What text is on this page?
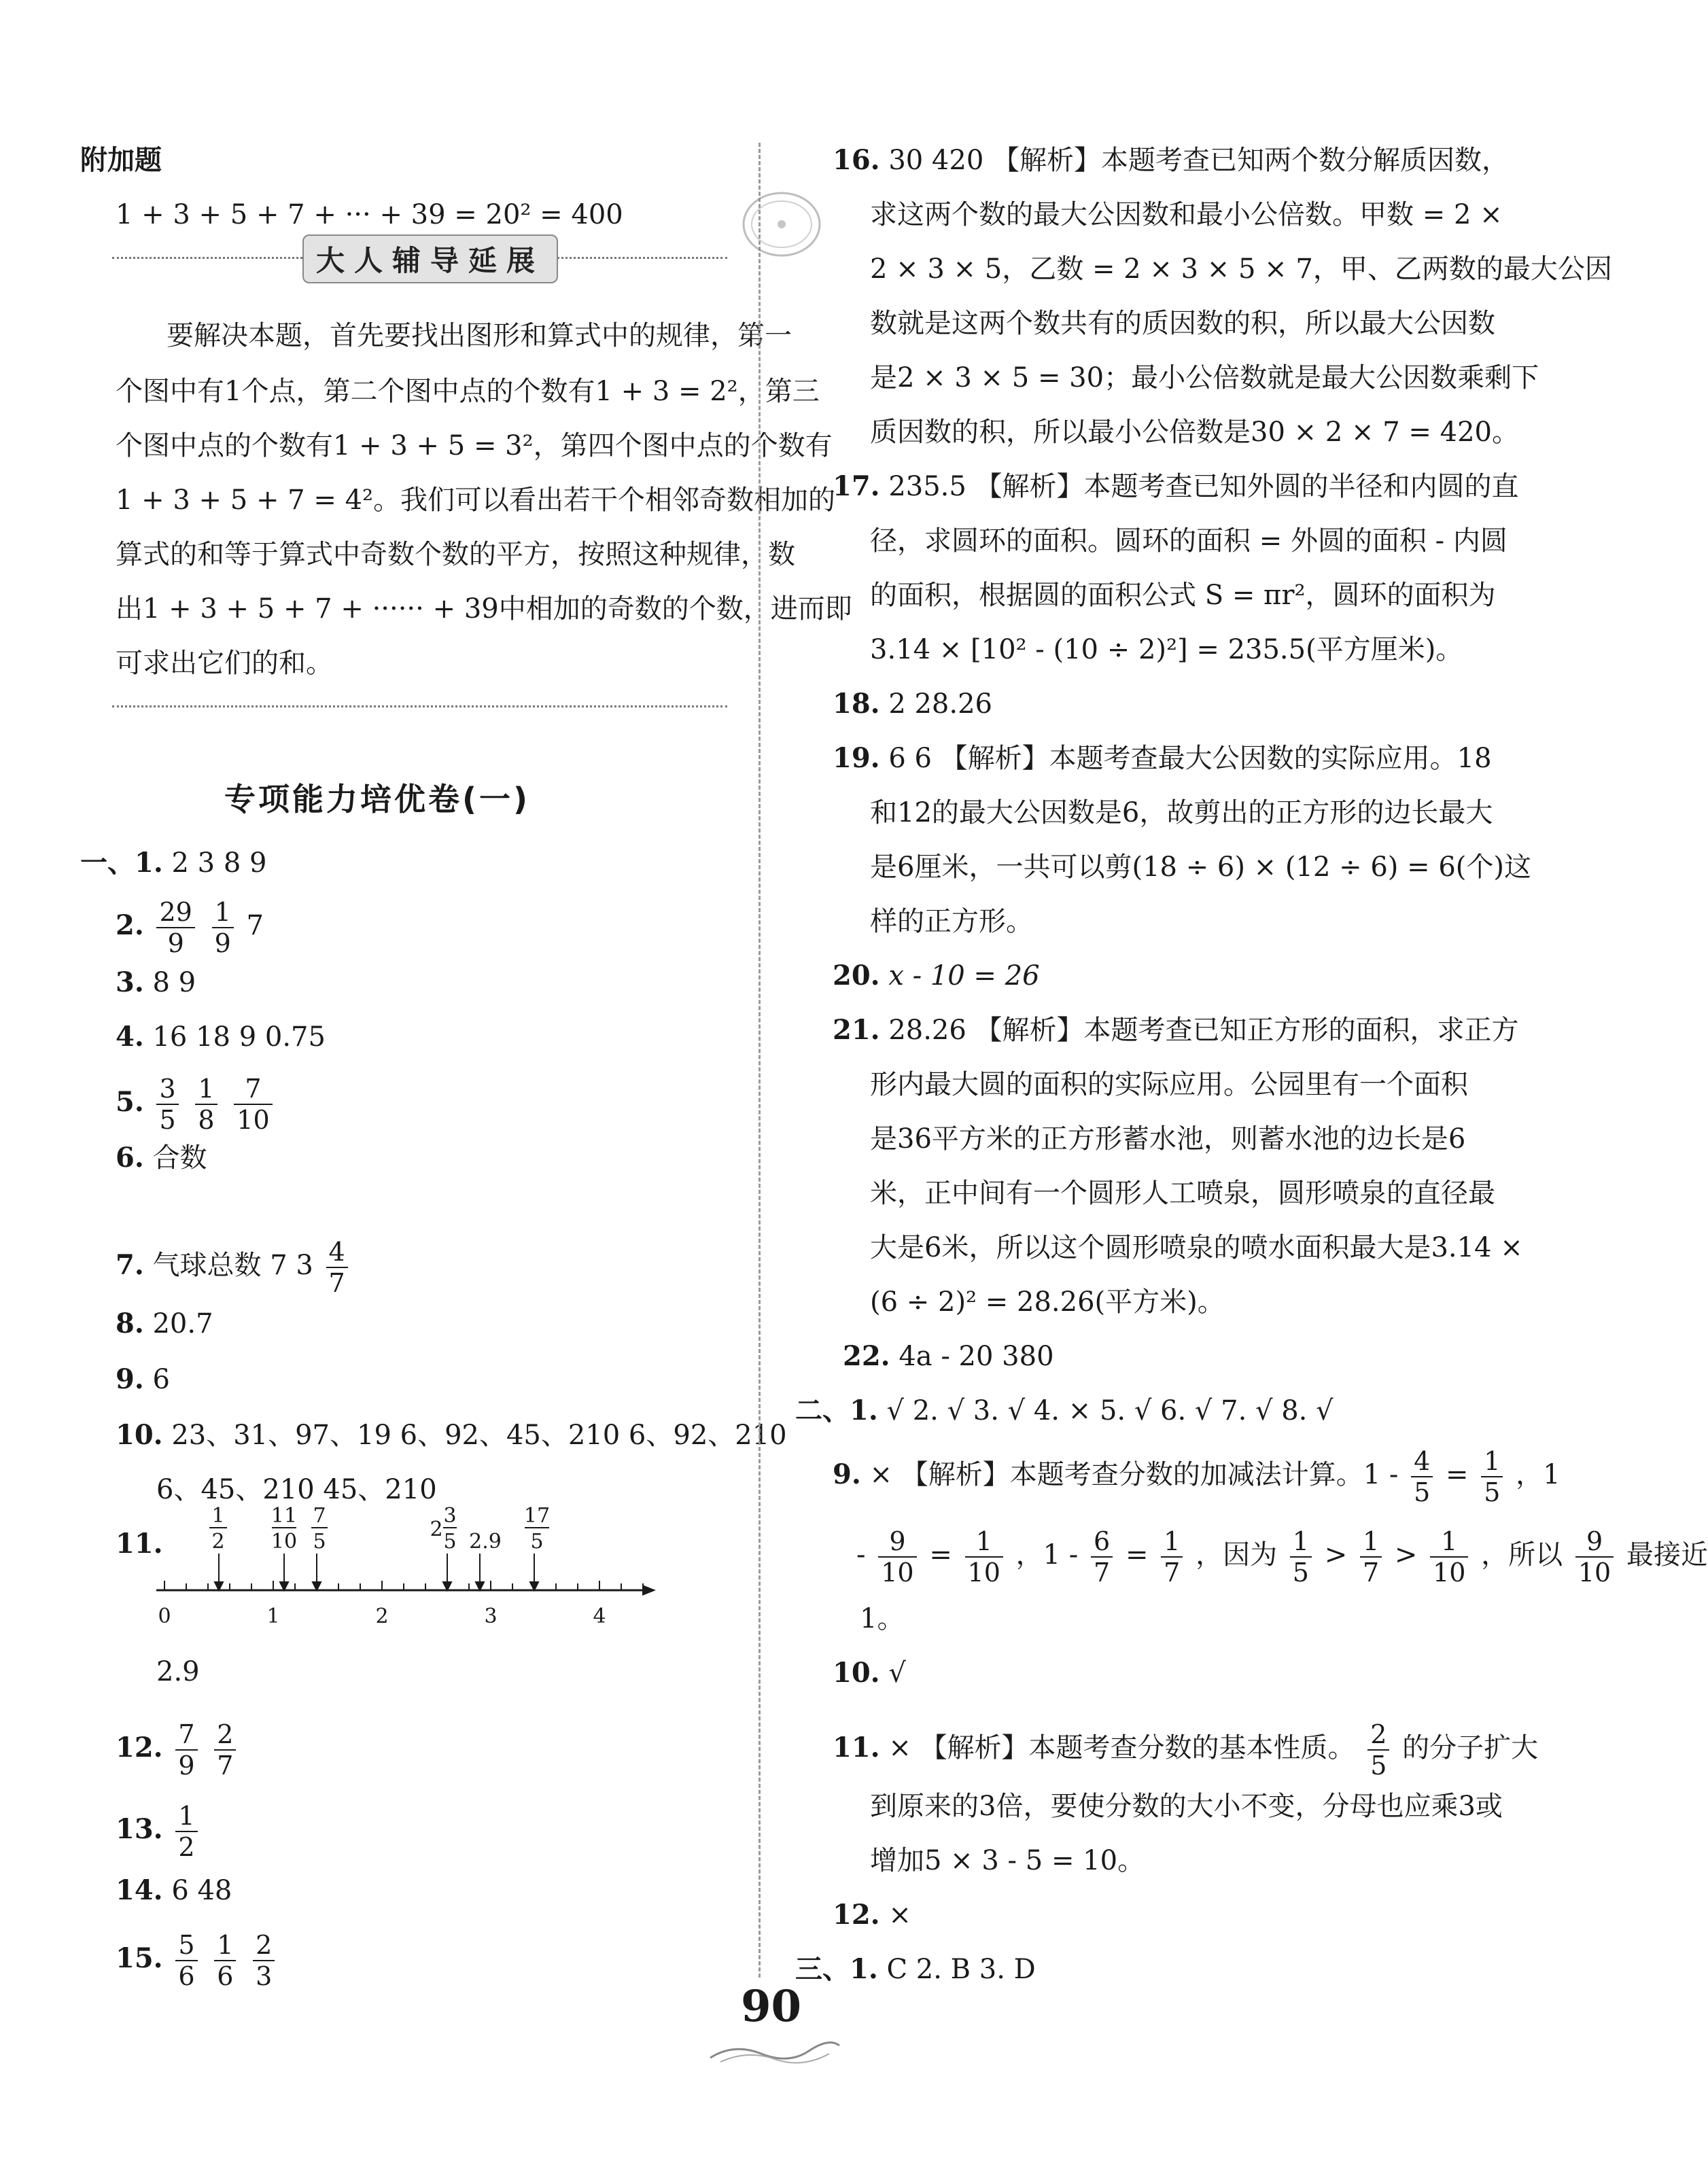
附加题
1 + 3 + 5 + 7 + ··· + 39 = 20² = 400
大人辅导延展
要解决本题，首先要找出图形和算式中的规律，第一
个图中有1个点，第二个图中点的个数有1 + 3 = 2²，第三
个图中点的个数有1 + 3 + 5 = 3²，第四个图中点的个数有
1 + 3 + 5 + 7 = 4²。我们可以看出若干个相邻奇数相加的
算式的和等于算式中奇数个数的平方，按照这种规律，数
出1 + 3 + 5 + 7 + ······ + 39中相加的奇数的个数，进而即
可求出它们的和。
专项能力培优卷(一)
一、1. 2 3 8 9
2. $\frac{29}{9}$
$\frac{1}{9} 7$
3. 8 9
4. 16 18 9 0.75
5. $\frac{3}{5}$
$\frac{1}{8}$
$\frac{7}{10}$
6. 合数
7. 气球总数 7 $3 \frac{4}{7}$
8. 20.7
9. 6
10. 23、31、97、19 6、92、45、210 6、92、210
6、45、210 45、210
11.
1
2
11
10
7
5
2
3
5 2.9
17
5
0	1	2	3	4
2.9
12. $\frac{7}{9}$
$\frac{2}{7}$
13. $\frac{1}{2}$
14. 6 48
15. $\frac{5}{6}$
$\frac{1}{6}$
$\frac{2}{3}$
16. 30 420 【解析】本题考查已知两个数分解质因数，
求这两个数的最大公因数和最小公倍数。甲数 = 2 ×
2 × 3 × 5，乙数 = 2 × 3 × 5 × 7，甲、乙两数的最大公因
数就是这两个数共有的质因数的积，所以最大公因数
是2 × 3 × 5 = 30；最小公倍数就是最大公因数乘剩下
质因数的积，所以最小公倍数是30 × 2 × 7 = 420。
17. 235.5 【解析】本题考查已知外圆的半径和内圆的直
径，求圆环的面积。圆环的面积 = 外圆的面积 - 内圆
的面积，根据圆的面积公式 S = πr²，圆环的面积为
3.14 × [10² - (10 ÷ 2)²] = 235.5(平方厘米)。
18. 2 28.26
19. 6 6 【解析】本题考查最大公因数的实际应用。18
和12的最大公因数是6，故剪出的正方形的边长最大
是6厘米，一共可以剪(18 ÷ 6) × (12 ÷ 6) = 6(个)这
样的正方形。
20. x - 10 = 26
21. 28.26 【解析】本题考查已知正方形的面积，求正方
形内最大圆的面积的实际应用。公园里有一个面积
是36平方米的正方形蓄水池，则蓄水池的边长是6
米，正中间有一个圆形人工喷泉，圆形喷泉的直径最
大是6米，所以这个圆形喷泉的喷水面积最大是3.14 ×
(6 ÷ 2)² = 28.26(平方米)。
22. 4a - 20 380
二、1. √ 2. √ 3. √ 4. × 5. √ 6. √ 7. √ 8. √
9. × 【解析】本题考查分数的加减法计算。$1 - \frac{4}{5} = \frac{1}{5}$ ，1
- $\frac{9}{10} = \frac{1}{10}$ ，$1 - \frac{6}{7} = \frac{1}{7}$ ，因为 $\frac{1}{5} > \frac{1}{7} > \frac{1}{10}$ ，所以 $\frac{9}{10}$ 最接近
1。
10. √
11. × 【解析】本题考查分数的基本性质。 $\frac{2}{5}$ 的分子扩大
到原来的3倍，要使分数的大小不变，分母也应乘3或
增加5 × 3 - 5 = 10。
12. ×
三、1. C 2. B 3. D
90
